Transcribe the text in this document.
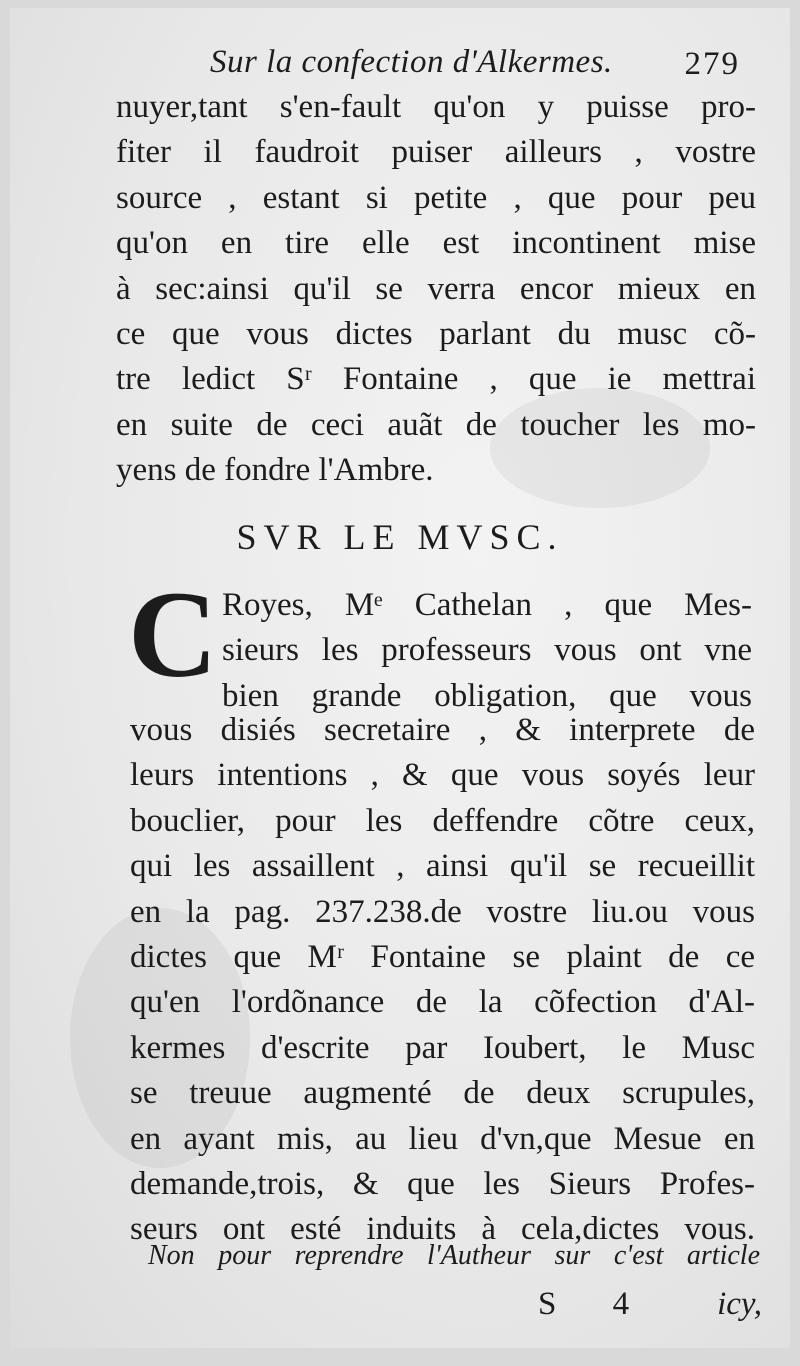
Sur la confection d'Alkermes. 279
nuyer,tant s'en-fault qu'on y puisse pro-
fiter il faudroit puiser ailleurs , vostre
source , estant si petite , que pour peu
qu'on en tire elle est incontinent mise
à sec:ainsi qu'il se verra encor mieux en
ce que vous dictes parlant du musc cõ-
tre ledict Sʳ Fontaine , que ie mettrai
en suite de ceci auãt de toucher les mo-
yens de fondre l'Ambre.
SVR LE MVSC.
C Royes, Mᵉ Cathelan , que Mes-
sieurs les professeurs vous ont vne
bien grande obligation, que vous
vous disiés secretaire , & interprete de
leurs intentions , & que vous soyés leur
bouclier, pour les deffendre cõtre ceux,
qui les assaillent , ainsi qu'il se recueillit
en la pag. 237.238.de vostre liu.ou vous
dictes que Mʳ Fontaine se plaint de ce
qu'en l'ordõnance de la cõfection d'Al-
kermes d'escrite par Ioubert, le Musc
se treuue augmenté de deux scrupules,
en ayant mis, au lieu d'vn,que Mesue en
demande,trois, & que les Sieurs Profes-
seurs ont esté induits à cela,dictes vous.
Non pour reprendre l'Autheur sur c'est article
S 4 icy,
